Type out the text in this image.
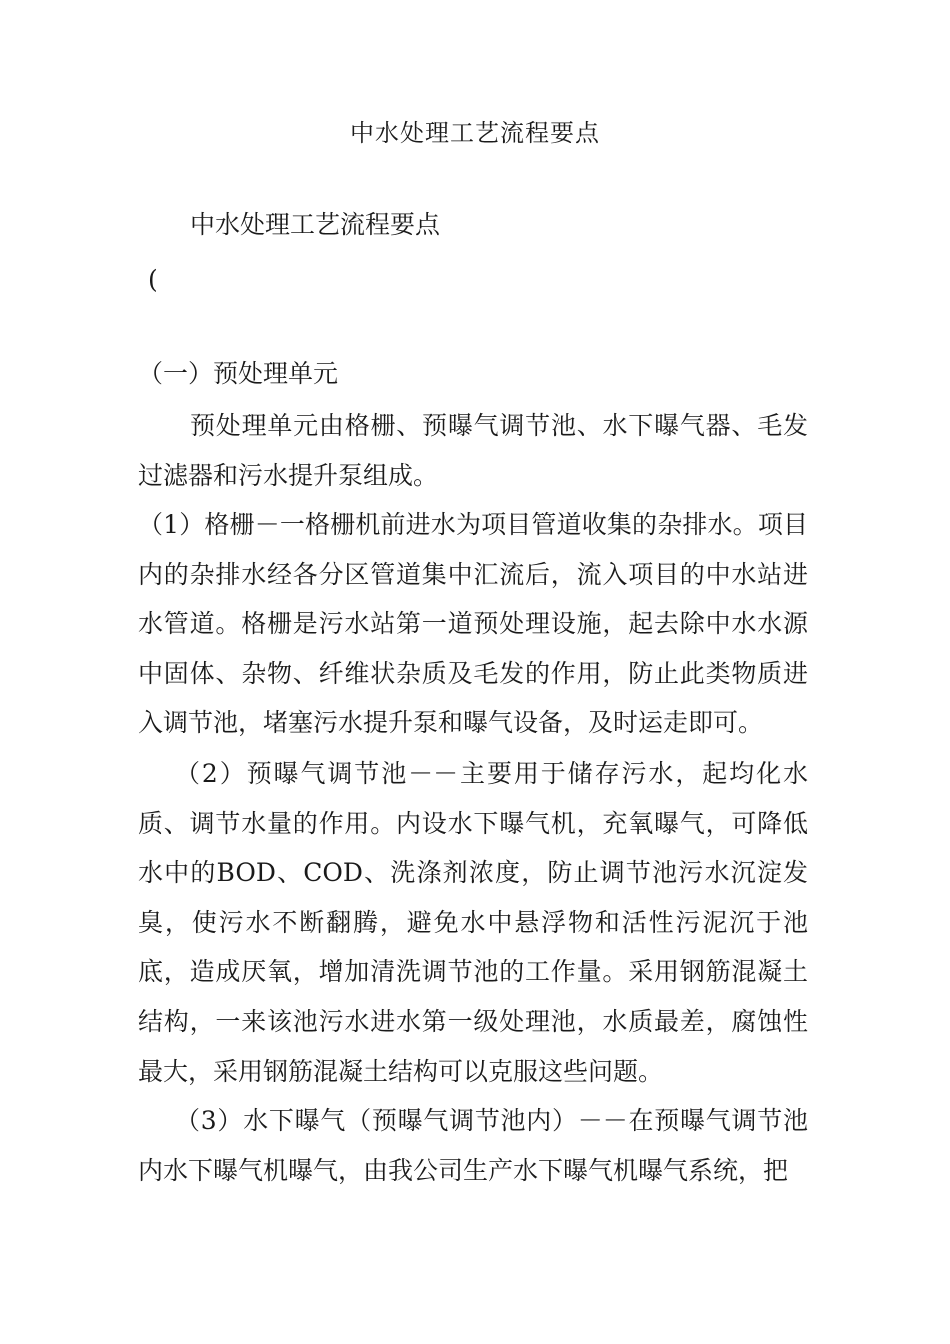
中水处理工艺流程要点

中水处理工艺流程要点

(

（一）预处理单元

预处理单元由格栅、预曝气调节池、水下曝气器、毛发过滤器和污水提升泵组成。

（1）格栅－一格栅机前进水为项目管道收集的杂排水。项目内的杂排水经各分区管道集中汇流后，流入项目的中水站进水管道。格栅是污水站第一道预处理设施，起去除中水水源中固体、杂物、纤维状杂质及毛发的作用，防止此类物质进入调节池，堵塞污水提升泵和曝气设备，及时运走即可。

（2）预曝气调节池－－主要用于储存污水，起均化水质、调节水量的作用。内设水下曝气机，充氧曝气，可降低水中的BOD、COD、洗涤剂浓度，防止调节池污水沉淀发臭，使污水不断翻腾，避免水中悬浮物和活性污泥沉于池底，造成厌氧，增加清洗调节池的工作量。采用钢筋混凝土结构，一来该池污水进水第一级处理池，水质最差，腐蚀性最大，采用钢筋混凝土结构可以克服这些问题。

（3）水下曝气（预曝气调节池内）－－在预曝气调节池内水下曝气机曝气，由我公司生产水下曝气机曝气系统，把
